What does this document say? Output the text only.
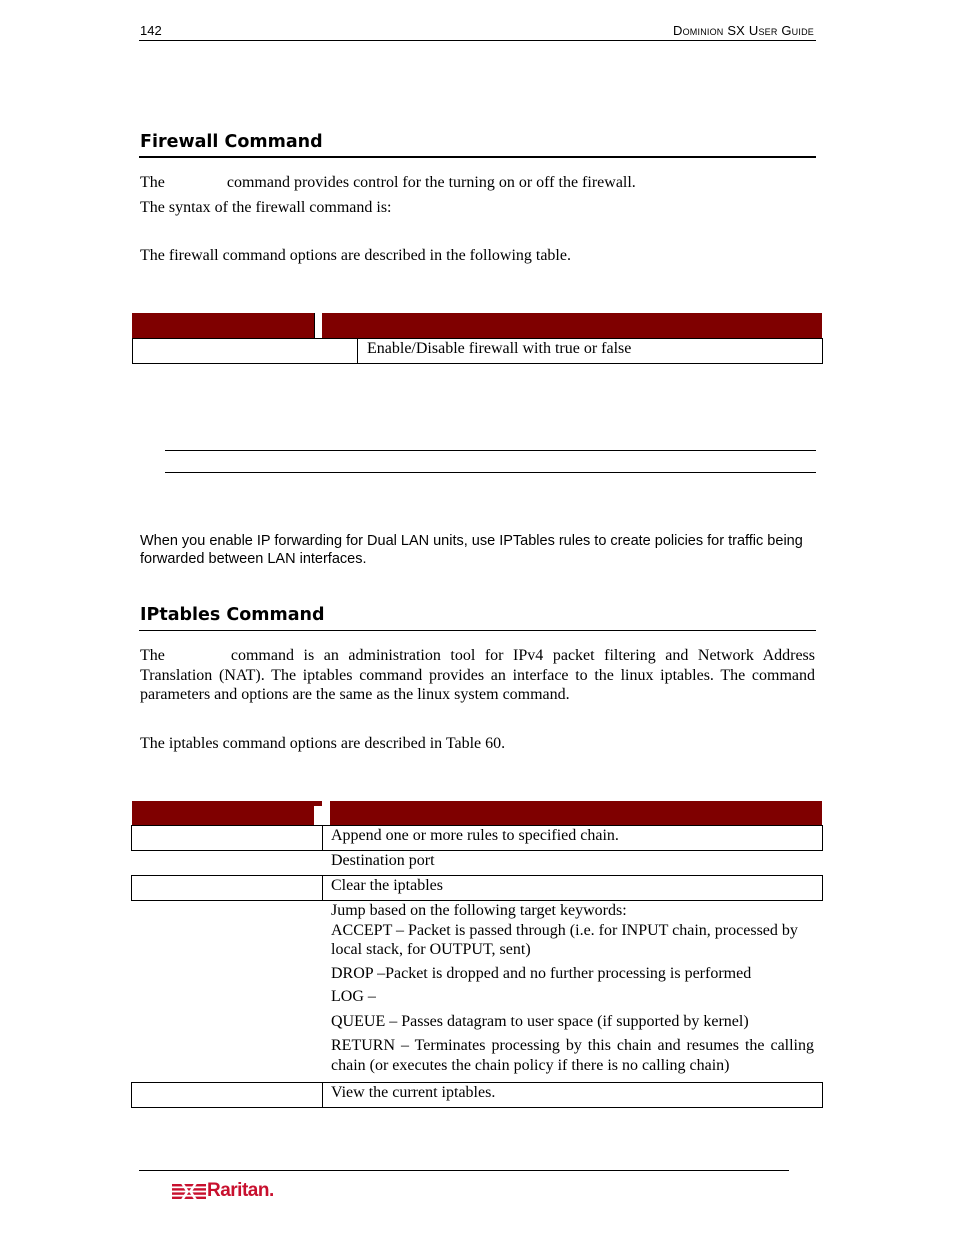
142	Dominion SX User Guide
Firewall Command
The	command provides control for the turning on or off the firewall.
The syntax of the firewall command is:
The firewall command options are described in the following table.
Enable/Disable firewall with true or false
When you enable IP forwarding for Dual LAN units, use IPTables rules to create policies for traffic being forwarded between LAN interfaces.
IPtables Command
The	command is an administration tool for IPv4 packet filtering and Network Address Translation (NAT). The iptables command provides an interface to the linux iptables. The command parameters and options are the same as the linux system command.
The iptables command options are described in Table 60.
Append one or more rules to specified chain.
Destination port
Clear the iptables
Jump based on the following target keywords:
ACCEPT – Packet is passed through (i.e. for INPUT chain, processed by local stack, for OUTPUT, sent)
DROP –Packet is dropped and no further processing is performed
LOG –
QUEUE – Passes datagram to user space (if supported by kernel)
RETURN – Terminates processing by this chain and resumes the calling chain (or executes the chain policy if there is no calling chain)
View the current iptables.
Raritan.
